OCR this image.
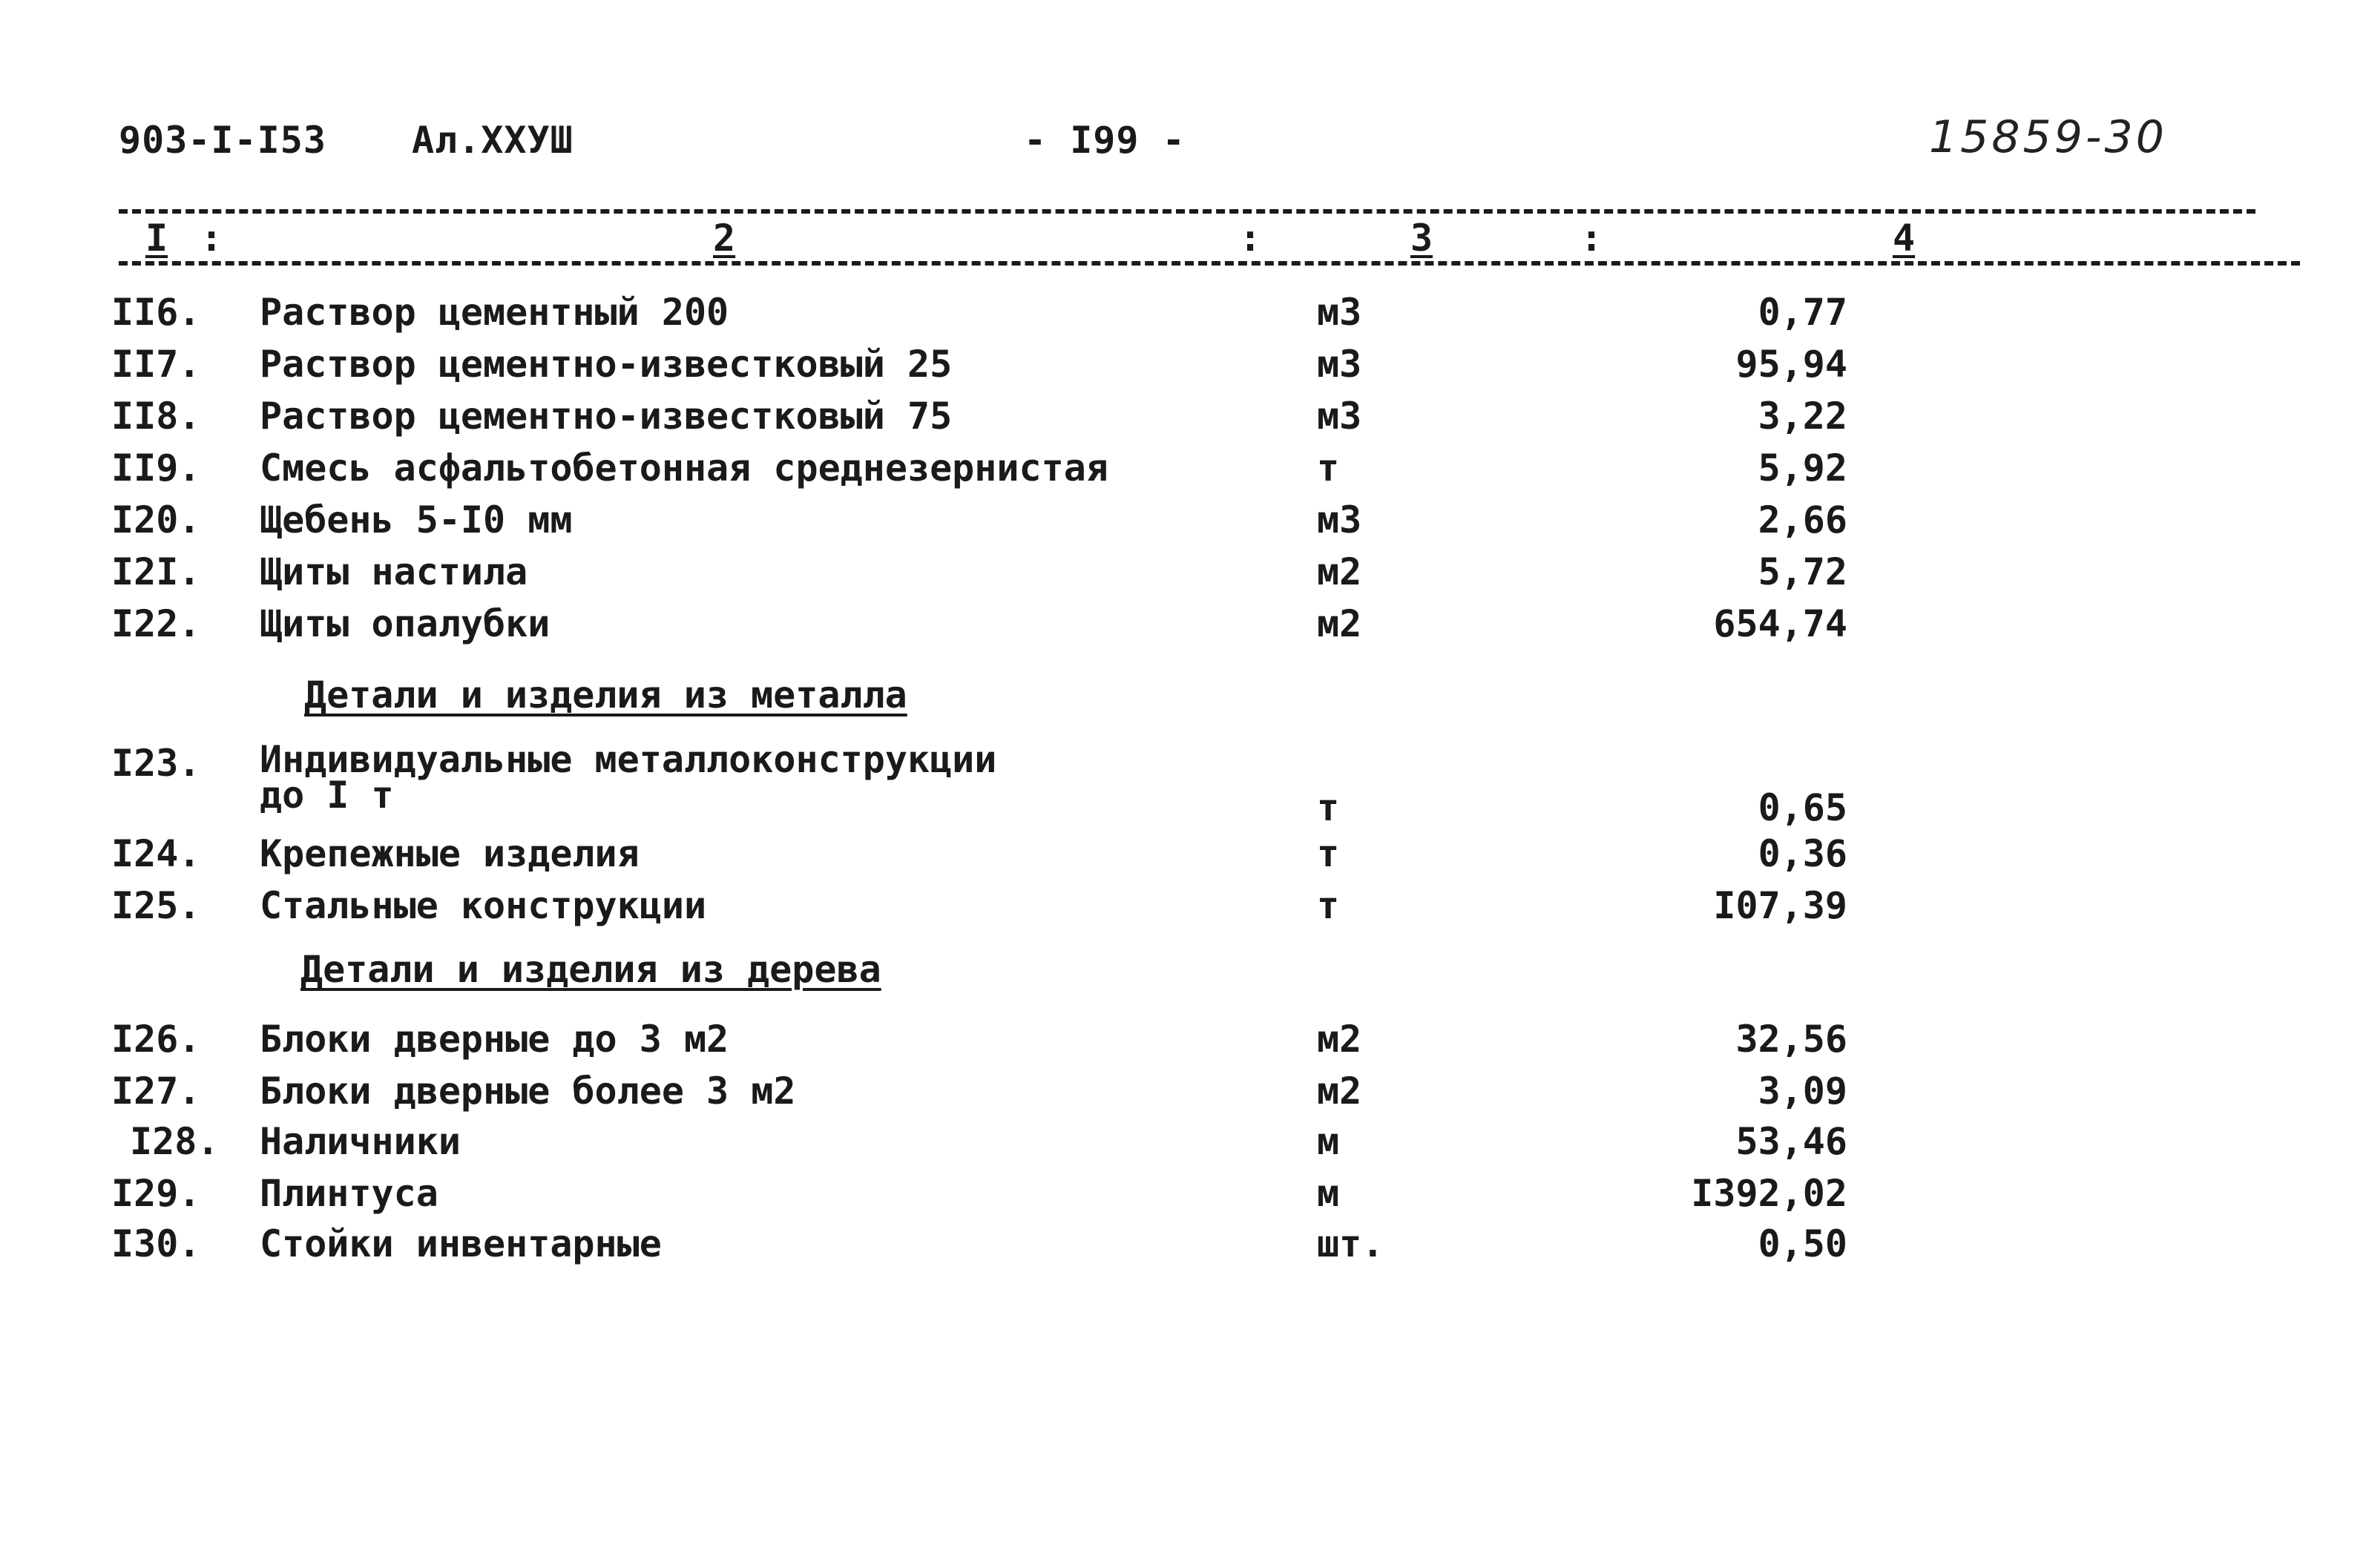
903-I-I53 Ал.XXУШ	- I99 -	15859-30
I :	2	:	3	:	4
II6. Раствор цементный 200	м3	0,77
II7. Раствор цементно-известковый 25	м3	95,94
II8. Раствор цементно-известковый 75	м3	3,22
II9. Смесь асфальтобетонная среднезернистая	т	5,92
I20. Щебень 5-I0 мм	м3	2,66
I2I. Щиты настила	м2	5,72
I22. Щиты опалубки	м2	654,74
Детали и изделия из металла
I23. Индивидуальные металлоконструкции
до I т	т	0,65
I24. Крепежные изделия	т	0,36
I25. Стальные конструкции	т	I07,39
Детали и изделия из дерева
I26. Блоки дверные до 3 м2	м2	32,56
I27. Блоки дверные более 3 м2	м2	3,09
I28. Наличники	м	53,46
I29. Плинтуса	м	I392,02
I30. Стойки инвентарные	шт.	0,50
